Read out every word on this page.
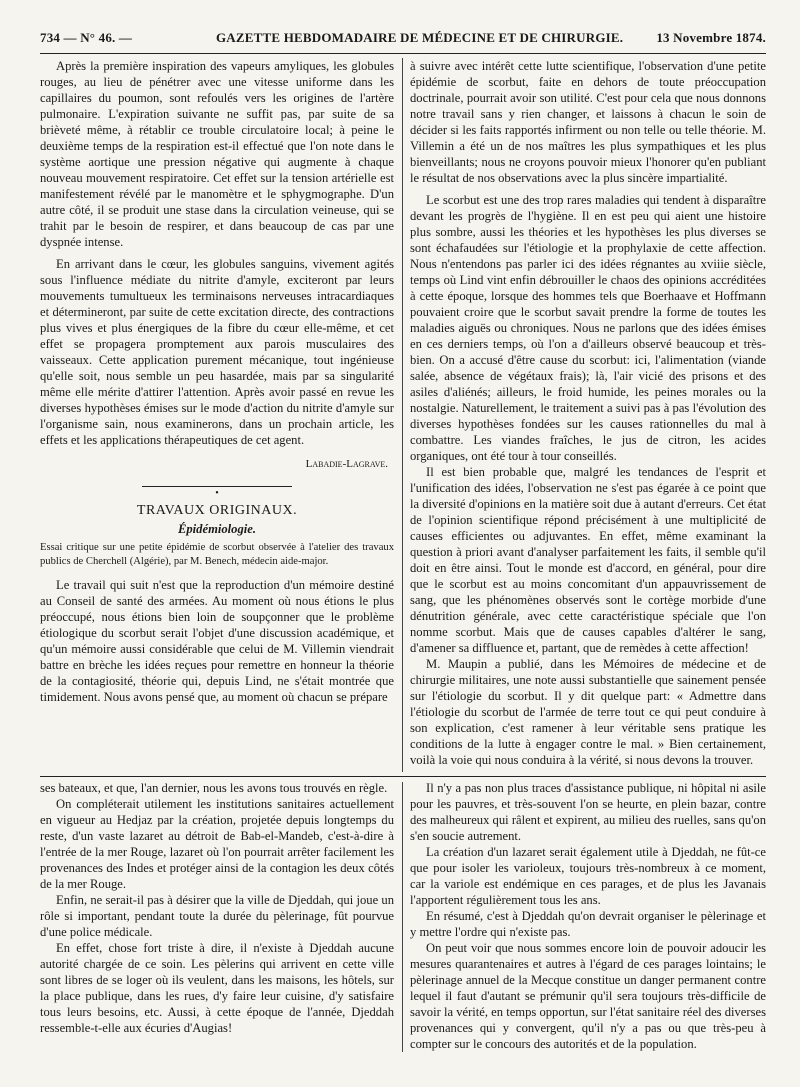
734 — N° 46. —	GAZETTE HEBDOMADAIRE DE MÉDECINE ET DE CHIRURGIE.	13 Novembre 1874.

Après la première inspiration des vapeurs amyliques, les globules rouges, au lieu de pénétrer avec une vitesse uniforme dans les capillaires du poumon, sont refoulés vers les origines de l'artère pulmonaire. L'expiration suivante ne suffit pas, par suite de sa brièveté même, à rétablir ce trouble circulatoire local; à peine le deuxième temps de la respiration est-il effectué que l'on note dans le système aortique une pression négative qui augmente à chaque nouveau mouvement respiratoire. Cet effet sur la tension artérielle est manifestement révélé par le manomètre et le sphygmographe. D'un autre côté, il se produit une stase dans la circulation veineuse, qui se trahit par le besoin de respirer, et dans beaucoup de cas par une dyspnée intense.

En arrivant dans le cœur, les globules sanguins, vivement agités sous l'influence médiate du nitrite d'amyle, exciteront par leurs mouvements tumultueux les terminaisons nerveuses intracardiaques et détermineront, par suite de cette excitation directe, des contractions plus vives et plus énergiques de la fibre du cœur elle-même, et cet effet se propagera promptement aux parois musculaires des vaisseaux. Cette application purement mécanique, tout ingénieuse qu'elle soit, nous semble un peu hasardée, mais par sa singularité même elle mérite d'attirer l'attention. Après avoir passé en revue les diverses hypothèses émises sur le mode d'action du nitrite d'amyle sur l'organisme sain, nous examinerons, dans un prochain article, les effets et les applications thérapeutiques de cet agent.

Labadie-Lagrave.

•

TRAVAUX ORIGINAUX.

Épidémiologie.

Essai critique sur une petite épidémie de scorbut observée à l'atelier des travaux publics de Cherchell (Algérie), par M. Benech, médecin aide-major.

Le travail qui suit n'est que la reproduction d'un mémoire destiné au Conseil de santé des armées. Au moment où nous étions le plus préoccupé, nous étions bien loin de soupçonner que le problème étiologique du scorbut serait l'objet d'une discussion académique, et qu'un mémoire aussi considérable que celui de M. Villemin viendrait battre en brèche les idées reçues pour remettre en honneur la théorie de la contagiosité, théorie qui, depuis Lind, ne s'était montrée que timidement. Nous avons pensé que, au moment où chacun se prépare

à suivre avec intérêt cette lutte scientifique, l'observation d'une petite épidémie de scorbut, faite en dehors de toute préoccupation doctrinale, pourrait avoir son utilité. C'est pour cela que nous donnons notre travail sans y rien changer, et laissons à chacun le soin de décider si les faits rapportés infirment ou non telle ou telle théorie. M. Villemin a été un de nos maîtres les plus sympathiques et les plus bienveillants; nous ne croyons pouvoir mieux l'honorer qu'en publiant le résultat de nos observations avec la plus sincère impartialité.

Le scorbut est une des trop rares maladies qui tendent à disparaître devant les progrès de l'hygiène. Il en est peu qui aient une histoire plus sombre, aussi les théories et les hypothèses les plus diverses se sont échafaudées sur l'étiologie et la prophylaxie de cette affection. Nous n'entendons pas parler ici des idées régnantes au xviiie siècle, temps où Lind vint enfin débrouiller le chaos des opinions accréditées à cette époque, lorsque des hommes tels que Boerhaave et Hoffmann pouvaient croire que le scorbut savait prendre la forme de toutes les maladies aiguës ou chroniques. Nous ne parlons que des idées émises en ces derniers temps, où l'on a d'ailleurs observé beaucoup et très-bien. On a accusé d'être cause du scorbut: ici, l'alimentation (viande salée, absence de végétaux frais); là, l'air vicié des prisons et des asiles d'aliénés; ailleurs, le froid humide, les peines morales ou la nostalgie. Naturellement, le traitement a suivi pas à pas l'évolution des diverses hypothèses fondées sur les causes rationnelles du mal à combattre. Les viandes fraîches, le jus de citron, les acides organiques, ont été tour à tour conseillés.

Il est bien probable que, malgré les tendances de l'esprit et l'unification des idées, l'observation ne s'est pas égarée à ce point que la diversité d'opinions en la matière soit due à autant d'erreurs. Cet état de l'opinion scientifique répond précisément à une multiplicité de causes efficientes ou adjuvantes. En effet, même examinant la question à priori avant d'analyser parfaitement les faits, il semble qu'il doit en être ainsi. Tout le monde est d'accord, en général, pour dire que le scorbut est au moins concomitant d'un appauvrissement de sang, que les phénomènes observés sont le cortège morbide d'une dénutrition générale, avec cette caractéristique spéciale que l'on nomme scorbut. Mais que de causes capables d'altérer le sang, d'amener sa diffluence et, partant, que de remèdes à cette affection!

M. Maupin a publié, dans les Mémoires de médecine et de chirurgie militaires, une note aussi substantielle que sainement pensée sur l'étiologie du scorbut. Il y dit quelque part: « Admettre dans l'étiologie du scorbut de l'armée de terre tout ce qui peut conduire à son explication, c'est ramener à leur véritable sens pratique les conditions de la lutte à engager contre le mal. » Bien certainement, voilà la voie qui nous conduira à la vérité, si nous devons la trouver.

ses bateaux, et que, l'an dernier, nous les avons tous trouvés en règle.

On compléterait utilement les institutions sanitaires actuellement en vigueur au Hedjaz par la création, projetée depuis longtemps du reste, d'un vaste lazaret au détroit de Bab-el-Mandeb, c'est-à-dire à l'entrée de la mer Rouge, lazaret où l'on pourrait arrêter facilement les provenances des Indes et protéger ainsi de la contagion les deux côtés de la mer Rouge.

Enfin, ne serait-il pas à désirer que la ville de Djeddah, qui joue un rôle si important, pendant toute la durée du pèlerinage, fût pourvue d'une police médicale.

En effet, chose fort triste à dire, il n'existe à Djeddah aucune autorité chargée de ce soin. Les pèlerins qui arrivent en cette ville sont libres de se loger où ils veulent, dans les maisons, les hôtels, sur la place publique, dans les rues, d'y faire leur cuisine, d'y satisfaire tous leurs besoins, etc. Aussi, à cette époque de l'année, Djeddah ressemble-t-elle aux écuries d'Augias!

Il n'y a pas non plus traces d'assistance publique, ni hôpital ni asile pour les pauvres, et très-souvent l'on se heurte, en plein bazar, contre des malheureux qui râlent et expirent, au milieu des ruelles, sans qu'on s'en soucie autrement.

La création d'un lazaret serait également utile à Djeddah, ne fût-ce que pour isoler les varioleux, toujours très-nombreux à ce moment, car la variole est endémique en ces parages, et de plus les Javanais l'apportent régulièrement tous les ans.

En résumé, c'est à Djeddah qu'on devrait organiser le pèlerinage et y mettre l'ordre qui n'existe pas.

On peut voir que nous sommes encore loin de pouvoir adoucir les mesures quarantenaires et autres à l'égard de ces parages lointains; le pèlerinage annuel de la Mecque constitue un danger permanent contre lequel il faut d'autant se prémunir qu'il sera toujours très-difficile de savoir la vérité, en temps opportun, sur l'état sanitaire réel des diverses provenances qui y convergent, qu'il n'y a pas ou que très-peu à compter sur le concours des autorités et de la population.
